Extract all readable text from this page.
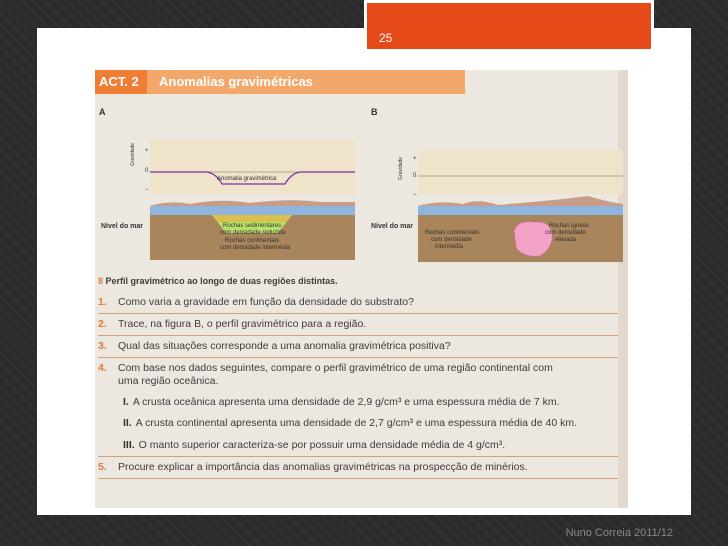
25
ACT. 2	Anomalias gravimétricas
A
Gravidade +
0
−
Anomalia gravimétrica
Nível do mar	Rochas sedimentares
com densidade reduzida
Rochas continentais
com densidade intermédia
B
Gravidade +
0
−
Nível do mar
Rochas continentais
com densidade
intermédia
Rochas ígneas
com densidade
elevada
8 Perfil gravimétrico ao longo de duas regiões distintas.
1. Como varia a gravidade em função da densidade do substrato?
2. Trace, na figura B, o perfil gravimétrico para a região.
3. Qual das situações corresponde a uma anomalia gravimétrica positiva?
4. Com base nos dados seguintes, compare o perfil gravimétrico de uma região continental com
uma região oceânica.
I. A crusta oceânica apresenta uma densidade de 2,9 g/cm³ e uma espessura média de 7 km.
II. A crusta continental apresenta uma densidade de 2,7 g/cm³ e uma espessura média de 40 km.
III. O manto superior caracteriza-se por possuir uma densidade média de 4 g/cm³.
5. Procure explicar a importância das anomalias gravimétricas na prospecção de minérios.
Nuno Correia 2011/12
